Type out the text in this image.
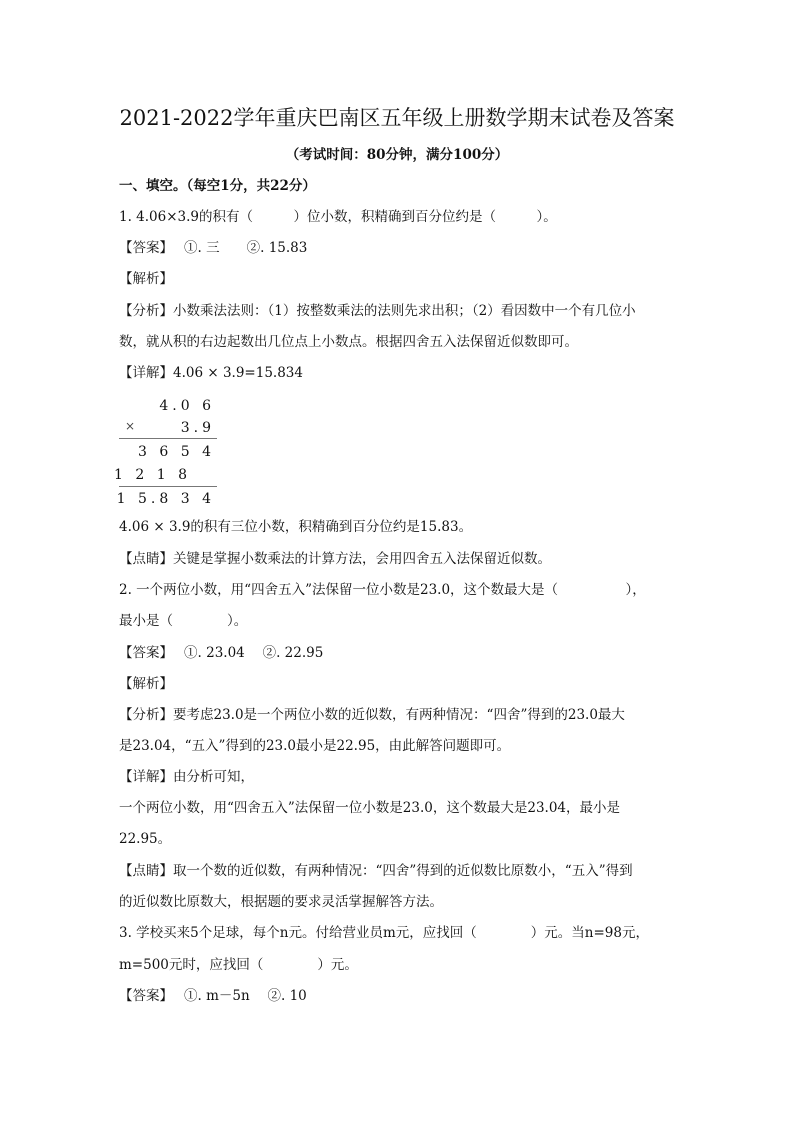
2021-2022学年重庆巴南区五年级上册数学期末试卷及答案
（考试时间：80分钟，满分100分）
一、填空。（每空1分，共22分）
1. 4.06×3.9的积有（　　　）位小数，积精确到百分位约是（　　　）。
【答案】　 ①. 三　　②. 15.83
【解析】
【分析】小数乘法法则：（1）按整数乘法的法则先求出积；（2）看因数中一个有几位小
数，就从积的右边起数出几位点上小数点。根据四舍五入法保留近似数即可。
【详解】4.06 × 3.9=15.834
4.0 6
3.9
3 6 5 4
1 2 1 8
1 5.8 3 4
×
4.06 × 3.9的积有三位小数，积精确到百分位约是15.83。
【点睛】关键是掌握小数乘法的计算方法，会用四舍五入法保留近似数。
2. 一个两位小数，用“四舍五入”法保留一位小数是23.0，这个数最大是（　　　　　），
最小是（　　　　）。
【答案】　 ①. 23.04　 ②. 22.95
【解析】
【分析】要考虑23.0是一个两位小数的近似数，有两种情况：“四舍”得到的23.0最大
是23.04，“五入”得到的23.0最小是22.95，由此解答问题即可。
【详解】由分析可知，
一个两位小数，用“四舍五入”法保留一位小数是23.0，这个数最大是23.04，最小是
22.95。
【点睛】取一个数的近似数，有两种情况：“四舍”得到的近似数比原数小，“五入”得到
的近似数比原数大，根据题的要求灵活掌握解答方法。
3. 学校买来5个足球，每个n元。付给营业员m元，应找回（　　　　）元。当n=98元，
m=500元时，应找回（　　　　）元。
【答案】　 ①. m－5n　 ②. 10
